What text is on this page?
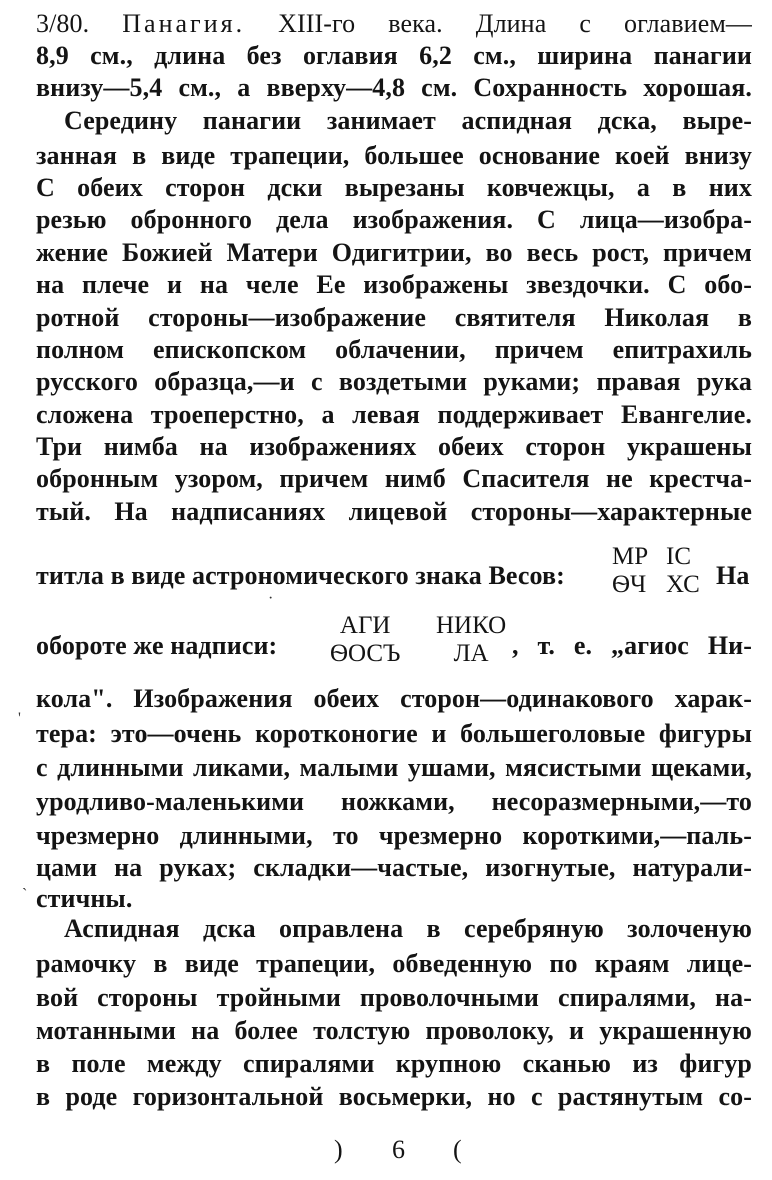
3/80. Панагия. XIII-го века. Длина с оглавием—
8,9 см., длина без оглавия 6,2 см., ширина панагии
внизу—5,4 см., а вверху—4,8 см. Сохранность хорошая.
Середину панагии занимает аспидная дска, выре-
занная в виде трапеции, большее основание коей внизу
С обеих сторон дски вырезаны ковчежцы, а в них
резью обронного дела изображения. С лица—изобра-
жение Божией Матери Одигитрии, во весь рост, причем
на плече и на челе Ее изображены звездочки. С обо-
ротной стороны—изображение святителя Николая в
полном епископском облачении, причем епитрахиль
русского образца,—и с воздетыми руками; правая рука
сложена троеперстно, а левая поддерживает Евангелие.
Три нимба на изображениях обеих сторон украшены
обронным узором, причем нимб Спасителя не крестча-
тый. На надписаниях лицевой стороны—характерные
титла в виде астрономического знака Весов:
МР
ѲЧ
ІС
ХС На
обороте же надписи:
АГИ
ѲОСЪ
НИКО
ЛА , т. е. „агиос Ни-
кола". Изображения обеих сторон—одинакового харак-
тера: это—очень коротконогие и большеголовые фигуры
с длинными ликами, малыми ушами, мясистыми щеками,
уродливо-маленькими ножками, несоразмерными,—то
чрезмерно длинными, то чрезмерно короткими,—паль-
цами на руках; складки—частые, изогнутые, натурали-
стичны.
Аспидная дска оправлена в серебряную золоченую
рамочку в виде трапеции, обведенную по краям лице-
вой стороны тройными проволочными спиралями, на-
мотанными на более толстую проволоку, и украшенную
в поле между спиралями крупною сканью из фигур
в роде горизонтальной восьмерки, но с растянутым со-
·
'
`
) 6 (
